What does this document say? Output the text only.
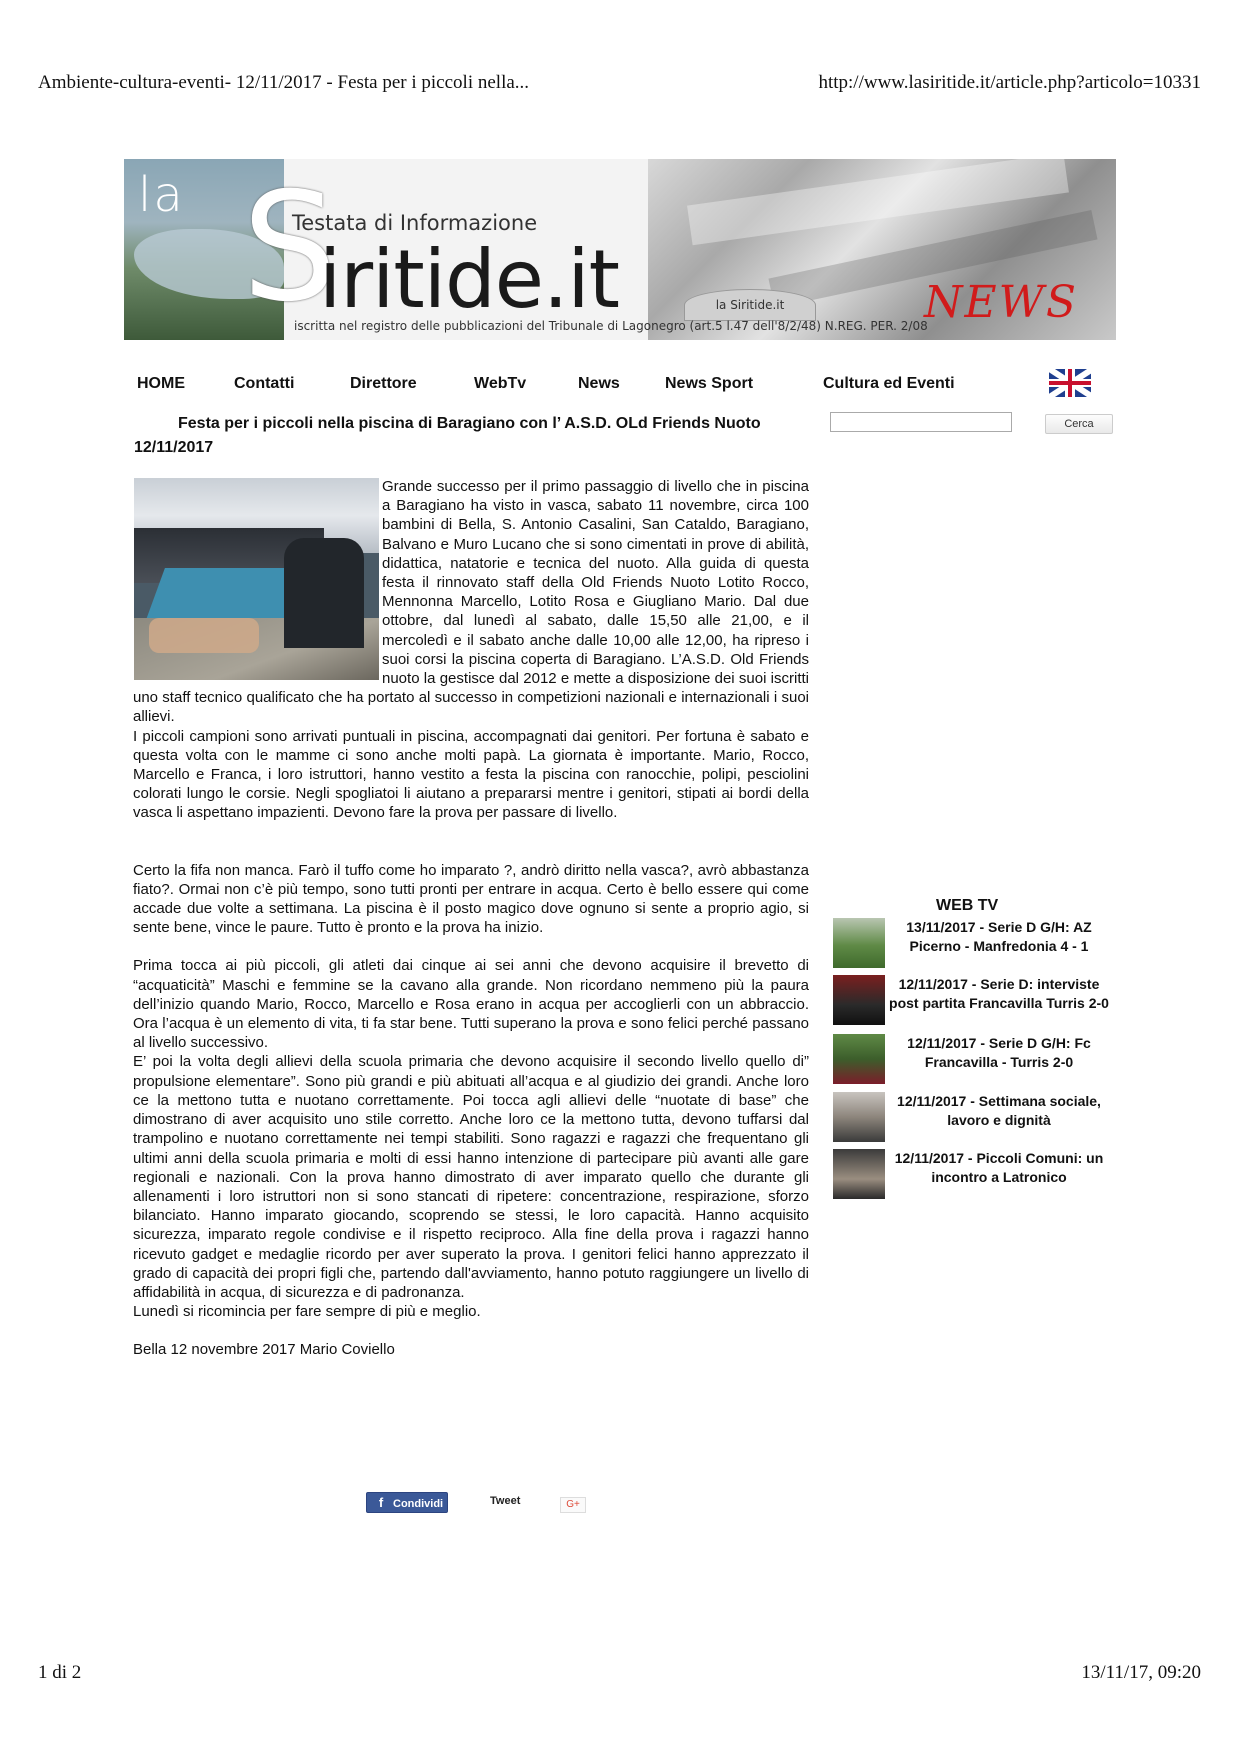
Ambiente-cultura-eventi- 12/11/2017 - Festa per i piccoli nella...	http://www.lasiritide.it/article.php?articolo=10331
la S
Testata di Informazione
iritide.it	la Siritide.it	NEWS
iscritta nel registro delle pubblicazioni del Tribunale di Lagonegro (art.5 l.47 dell'8/2/48) N.REG. PER. 2/08
HOME	Contatti	Direttore	WebTv	News	News Sport	Cultura ed Eventi
Cerca
Festa per i piccoli nella piscina di Baragiano con l’ A.S.D. OLd Friends Nuoto
12/11/2017

Grande successo per il primo passaggio di livello che in piscina a Baragiano ha visto in vasca, sabato 11 novembre, circa 100 bambini di Bella, S. Antonio Casalini, San Cataldo, Baragiano, Balvano e Muro Lucano che si sono cimentati in prove di abilità, didattica, natatorie e tecnica del nuoto. Alla guida di questa festa il rinnovato staff della Old Friends Nuoto Lotito Rocco, Mennonna Marcello, Lotito Rosa e Giugliano Mario. Dal due ottobre, dal lunedì al sabato, dalle 15,50 alle 21,00, e il mercoledì e il sabato anche dalle 10,00 alle 12,00, ha ripreso i suoi corsi la piscina coperta di Baragiano. L’A.S.D. Old Friends nuoto la gestisce dal 2012 e mette a disposizione dei suoi iscritti uno staff tecnico qualificato che ha portato al successo in competizioni nazionali e internazionali i suoi allievi.

I piccoli campioni sono arrivati puntuali in piscina, accompagnati dai genitori. Per fortuna è sabato e questa volta con le mamme ci sono anche molti papà. La giornata è importante. Mario, Rocco, Marcello e Franca, i loro istruttori, hanno vestito a festa la piscina con ranocchie, polipi, pesciolini colorati lungo le corsie. Negli spogliatoi li aiutano a prepararsi mentre i genitori, stipati ai bordi della vasca li aspettano impazienti. Devono fare la prova per passare di livello.

Certo la fifa non manca. Farò il tuffo come ho imparato ?, andrò diritto nella vasca?, avrò abbastanza fiato?. Ormai non c’è più tempo, sono tutti pronti per entrare in acqua. Certo è bello essere qui come accade due volte a settimana. La piscina è il posto magico dove ognuno si sente a proprio agio, si sente bene, vince le paure. Tutto è pronto e la prova ha inizio.

Prima tocca ai più piccoli, gli atleti dai cinque ai sei anni che devono acquisire il brevetto di “acquaticità” Maschi e femmine se la cavano alla grande. Non ricordano nemmeno più la paura dell’inizio quando Mario, Rocco, Marcello e Rosa erano in acqua per accoglierli con un abbraccio. Ora l’acqua è un elemento di vita, ti fa star bene. Tutti superano la prova e sono felici perché passano al livello successivo.

E’ poi la volta degli allievi della scuola primaria che devono acquisire il secondo livello quello di” propulsione elementare”. Sono più grandi e più abituati all’acqua e al giudizio dei grandi. Anche loro ce la mettono tutta e nuotano correttamente. Poi tocca agli allievi delle “nuotate di base” che dimostrano di aver acquisito uno stile corretto. Anche loro ce la mettono tutta, devono tuffarsi dal trampolino e nuotano correttamente nei tempi stabiliti. Sono ragazzi e ragazzi che frequentano gli ultimi anni della scuola primaria e molti di essi hanno intenzione di partecipare più avanti alle gare regionali e nazionali. Con la prova hanno dimostrato di aver imparato quello che durante gli allenamenti i loro istruttori non si sono stancati di ripetere: concentrazione, respirazione, sforzo bilanciato. Hanno imparato giocando, scoprendo se stessi, le loro capacità. Hanno acquisito sicurezza, imparato regole condivise e il rispetto reciproco. Alla fine della prova i ragazzi hanno ricevuto gadget e medaglie ricordo per aver superato la prova. I genitori felici hanno apprezzato il grado di capacità dei propri figli che, partendo dall'avviamento, hanno potuto raggiungere un livello di affidabilità in acqua, di sicurezza e di padronanza.

Lunedì si ricomincia per fare sempre di più e meglio.

Bella 12 novembre 2017 Mario Coviello

f Condividi	Tweet	G+
WEB TV
13/11/2017 - Serie D G/H: AZ Picerno - Manfredonia 4 - 1
12/11/2017 - Serie D: interviste post partita Francavilla Turris 2-0
12/11/2017 - Serie D G/H: Fc Francavilla - Turris 2-0
12/11/2017 - Settimana sociale, lavoro e dignità
12/11/2017 - Piccoli Comuni: un incontro a Latronico
1 di 2	13/11/17, 09:20
